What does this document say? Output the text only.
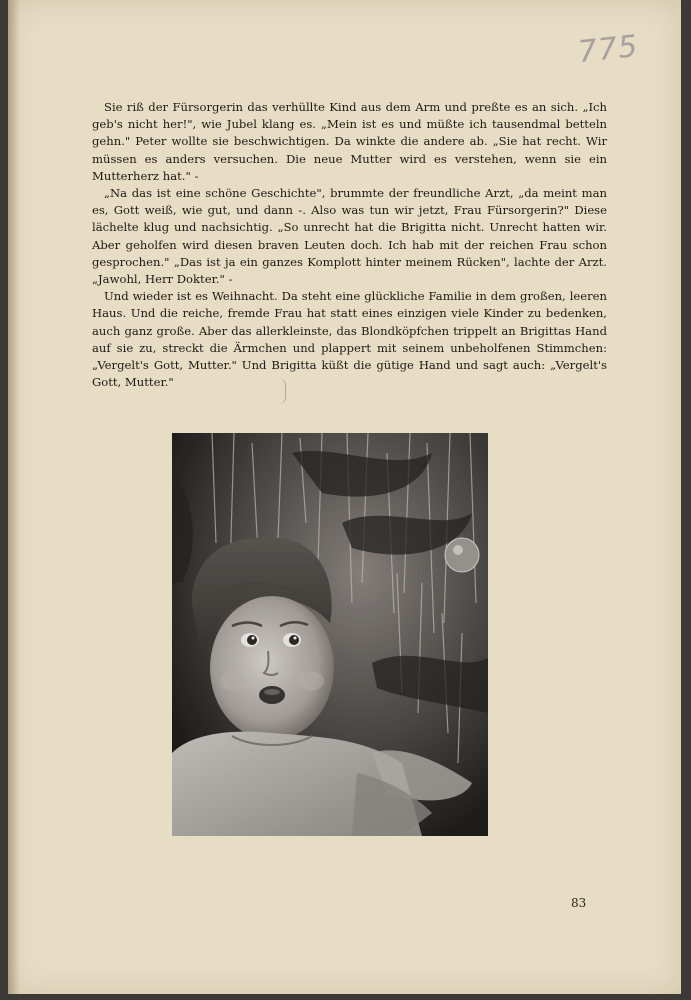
775

Sie riß der Fürsorgerin das verhüllte Kind aus dem Arm und preßte es an sich. „Ich geb's nicht her!", wie Jubel klang es. „Mein ist es und müßte ich tausendmal betteln gehn." Peter wollte sie beschwichtigen. Da winkte die andere ab. „Sie hat recht. Wir müssen es anders versuchen. Die neue Mutter wird es verstehen, wenn sie ein Mutterherz hat." -

„Na das ist eine schöne Geschichte", brummte der freundliche Arzt, „da meint man es, Gott weiß, wie gut, und dann -. Also was tun wir jetzt, Frau Fürsorgerin?" Diese lächelte klug und nachsichtig. „So unrecht hat die Brigitta nicht. Unrecht hatten wir. Aber geholfen wird diesen braven Leuten doch. Ich hab mit der reichen Frau schon gesprochen." „Das ist ja ein ganzes Komplott hinter meinem Rücken", lachte der Arzt. „Jawohl, Herr Dokter." -

Und wieder ist es Weihnacht. Da steht eine glückliche Familie in dem großen, leeren Haus. Und die reiche, fremde Frau hat statt eines einzigen viele Kinder zu bedenken, auch ganz große. Aber das allerkleinste, das Blondköpfchen trippelt an Brigittas Hand auf sie zu, streckt die Ärmchen und plappert mit seinem unbeholfenen Stimmchen: „Vergelt's Gott, Mutter." Und Brigitta küßt die gütige Hand und sagt auch: „Vergelt's Gott, Mutter."

83
